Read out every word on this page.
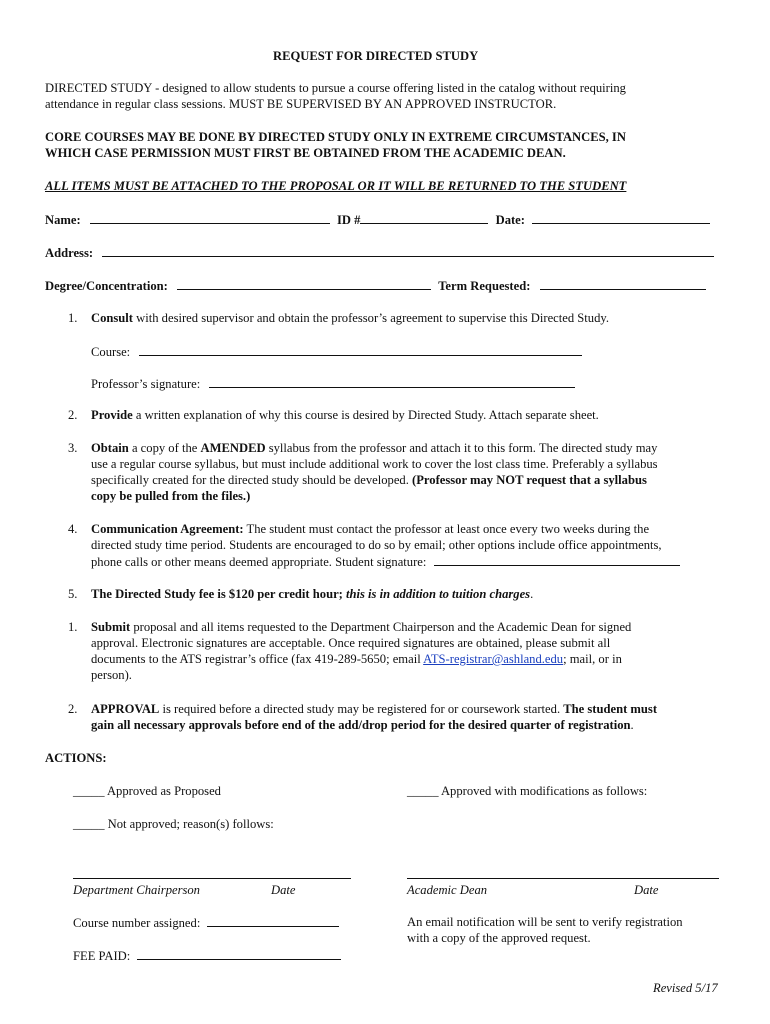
REQUEST FOR DIRECTED STUDY
DIRECTED STUDY - designed to allow students to pursue a course offering listed in the catalog without requiring
attendance in regular class sessions. MUST BE SUPERVISED BY AN APPROVED INSTRUCTOR.
CORE COURSES MAY BE DONE BY DIRECTED STUDY ONLY IN EXTREME CIRCUMSTANCES, IN
WHICH CASE PERMISSION MUST FIRST BE OBTAINED FROM THE ACADEMIC DEAN.
ALL ITEMS MUST BE ATTACHED TO THE PROPOSAL OR IT WILL BE RETURNED TO THE STUDENT
Name:	ID #	Date:
Address:
Degree/Concentration:	Term Requested:
1. Consult with desired supervisor and obtain the professor’s agreement to supervise this Directed Study.
Course:
Professor’s signature:
2. Provide a written explanation of why this course is desired by Directed Study. Attach separate sheet.
3. Obtain a copy of the AMENDED syllabus from the professor and attach it to this form. The directed study may
use a regular course syllabus, but must include additional work to cover the lost class time. Preferably a syllabus
specifically created for the directed study should be developed. (Professor may NOT request that a syllabus
copy be pulled from the files.)
4. Communication Agreement: The student must contact the professor at least once every two weeks during the
directed study time period. Students are encouraged to do so by email; other options include office appointments,
phone calls or other means deemed appropriate. Student signature:
5. The Directed Study fee is $120 per credit hour; this is in addition to tuition charges.
1. Submit proposal and all items requested to the Department Chairperson and the Academic Dean for signed
approval. Electronic signatures are acceptable. Once required signatures are obtained, please submit all
documents to the ATS registrar’s office (fax 419-289-5650; email ATS-registrar@ashland.edu; mail, or in
person).
2. APPROVAL is required before a directed study may be registered for or coursework started. The student must
gain all necessary approvals before end of the add/drop period for the desired quarter of registration.
ACTIONS:
_____ Approved as Proposed	_____ Approved with modifications as follows:
_____ Not approved; reason(s) follows:
Department Chairperson	Date	Academic Dean	Date
Course number assigned:	An email notification will be sent to verify registration
with a copy of the approved request.
FEE PAID:
Revised 5/17
